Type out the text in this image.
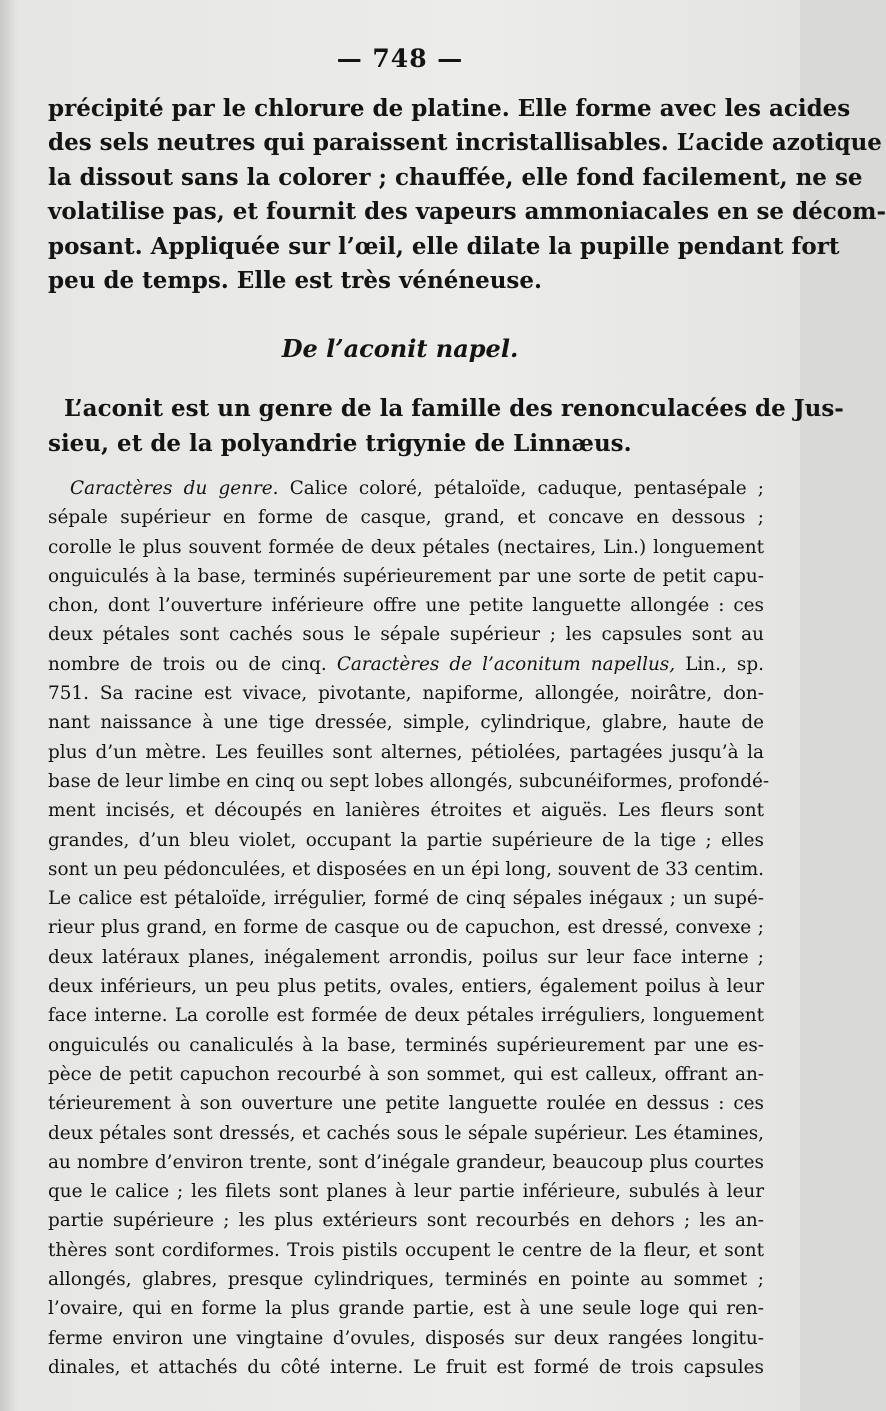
— 748 —
précipité par le chlorure de platine. Elle forme avec les acides
des sels neutres qui paraissent incristallisables. L’acide azotique
la dissout sans la colorer ; chauffée, elle fond facilement, ne se
volatilise pas, et fournit des vapeurs ammoniacales en se décom-
posant. Appliquée sur l’œil, elle dilate la pupille pendant fort
peu de temps. Elle est très vénéneuse.
De l’aconit napel.
L’aconit est un genre de la famille des renonculacées de Jus-
sieu, et de la polyandrie trigynie de Linnæus.
Caractères du genre. Calice coloré, pétaloïde, caduque, pentasépale ;
sépale supérieur en forme de casque, grand, et concave en dessous ;
corolle le plus souvent formée de deux pétales (nectaires, Lin.) longuement
onguiculés à la base, terminés supérieurement par une sorte de petit capu-
chon, dont l’ouverture inférieure offre une petite languette allongée : ces
deux pétales sont cachés sous le sépale supérieur ; les capsules sont au
nombre de trois ou de cinq. Caractères de l’aconitum napellus, Lin., sp.
751. Sa racine est vivace, pivotante, napiforme, allongée, noirâtre, don-
nant naissance à une tige dressée, simple, cylindrique, glabre, haute de
plus d’un mètre. Les feuilles sont alternes, pétiolées, partagées jusqu’à la
base de leur limbe en cinq ou sept lobes allongés, subcunéiformes, profondé-
ment incisés, et découpés en lanières étroites et aiguës. Les fleurs sont
grandes, d’un bleu violet, occupant la partie supérieure de la tige ; elles
sont un peu pédonculées, et disposées en un épi long, souvent de 33 centim.
Le calice est pétaloïde, irrégulier, formé de cinq sépales inégaux ; un supé-
rieur plus grand, en forme de casque ou de capuchon, est dressé, convexe ;
deux latéraux planes, inégalement arrondis, poilus sur leur face interne ;
deux inférieurs, un peu plus petits, ovales, entiers, également poilus à leur
face interne. La corolle est formée de deux pétales irréguliers, longuement
onguiculés ou canaliculés à la base, terminés supérieurement par une es-
pèce de petit capuchon recourbé à son sommet, qui est calleux, offrant an-
térieurement à son ouverture une petite languette roulée en dessus : ces
deux pétales sont dressés, et cachés sous le sépale supérieur. Les étamines,
au nombre d’environ trente, sont d’inégale grandeur, beaucoup plus courtes
que le calice ; les filets sont planes à leur partie inférieure, subulés à leur
partie supérieure ; les plus extérieurs sont recourbés en dehors ; les an-
thères sont cordiformes. Trois pistils occupent le centre de la fleur, et sont
allongés, glabres, presque cylindriques, terminés en pointe au sommet ;
l’ovaire, qui en forme la plus grande partie, est à une seule loge qui ren-
ferme environ une vingtaine d’ovules, disposés sur deux rangées longitu-
dinales, et attachés du côté interne. Le fruit est formé de trois capsules
